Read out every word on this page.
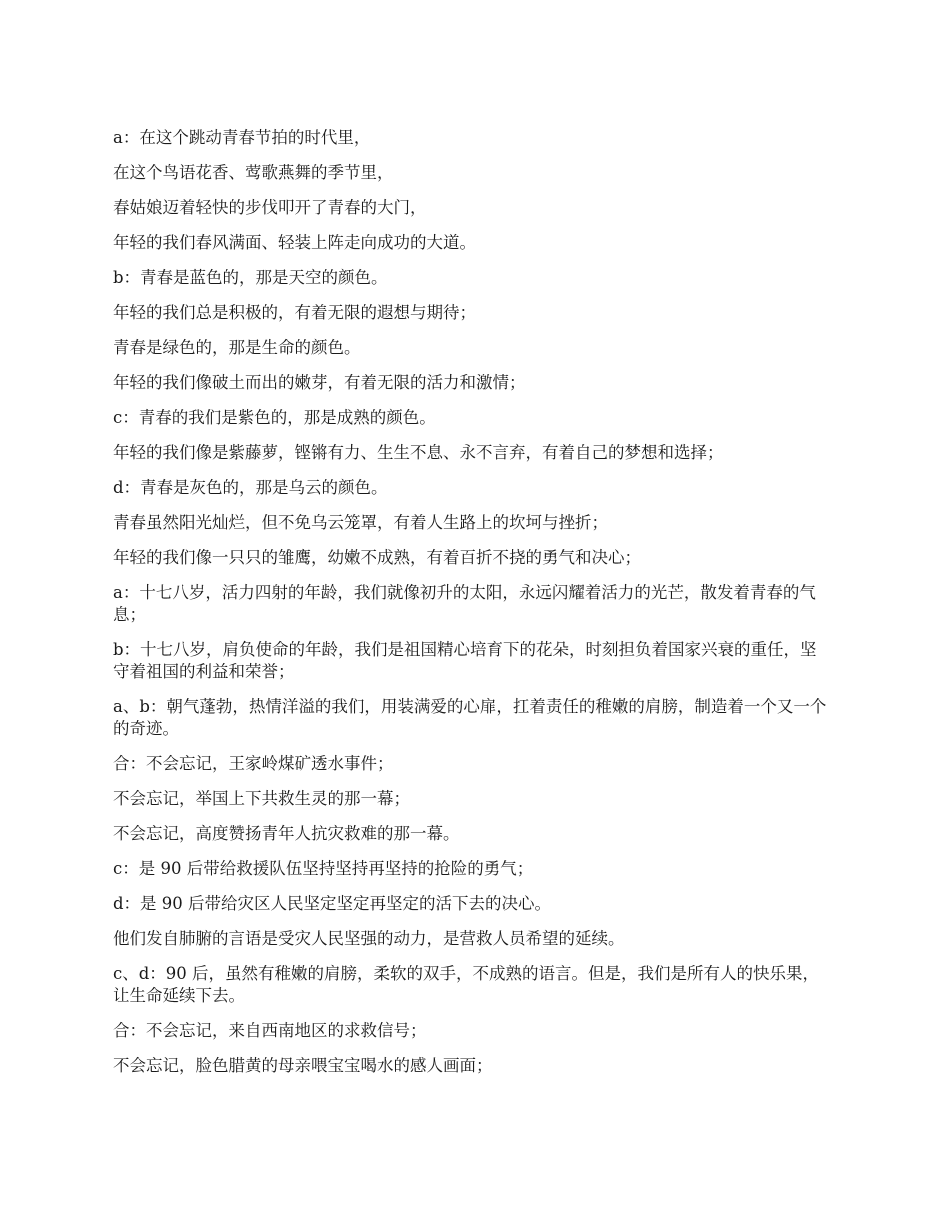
a：在这个跳动青春节拍的时代里，

在这个鸟语花香、莺歌燕舞的季节里，

春姑娘迈着轻快的步伐叩开了青春的大门，

年轻的我们春风满面、轻装上阵走向成功的大道。

b：青春是蓝色的，那是天空的颜色。

年轻的我们总是积极的，有着无限的遐想与期待；

青春是绿色的，那是生命的颜色。

年轻的我们像破土而出的嫩芽，有着无限的活力和激情；

c：青春的我们是紫色的，那是成熟的颜色。

年轻的我们像是紫藤萝，铿锵有力、生生不息、永不言弃，有着自己的梦想和选择；

d：青春是灰色的，那是乌云的颜色。

青春虽然阳光灿烂，但不免乌云笼罩，有着人生路上的坎坷与挫折；

年轻的我们像一只只的雏鹰，幼嫩不成熟，有着百折不挠的勇气和决心；

a：十七八岁，活力四射的年龄，我们就像初升的太阳，永远闪耀着活力的光芒，散发着青春的气息；

b：十七八岁，肩负使命的年龄，我们是祖国精心培育下的花朵，时刻担负着国家兴衰的重任，坚守着祖国的利益和荣誉；

a、b：朝气蓬勃，热情洋溢的我们，用装满爱的心扉，扛着责任的稚嫩的肩膀，制造着一个又一个的奇迹。

合：不会忘记，王家岭煤矿透水事件；

不会忘记，举国上下共救生灵的那一幕；

不会忘记，高度赞扬青年人抗灾救难的那一幕。

c：是 90 后带给救援队伍坚持坚持再坚持的抢险的勇气；

d：是 90 后带给灾区人民坚定坚定再坚定的活下去的决心。

他们发自肺腑的言语是受灾人民坚强的动力，是营救人员希望的延续。

c、d：90 后，虽然有稚嫩的肩膀，柔软的双手，不成熟的语言。但是，我们是所有人的快乐果，让生命延续下去。

合：不会忘记，来自西南地区的求救信号；

不会忘记，脸色腊黄的母亲喂宝宝喝水的感人画面；
